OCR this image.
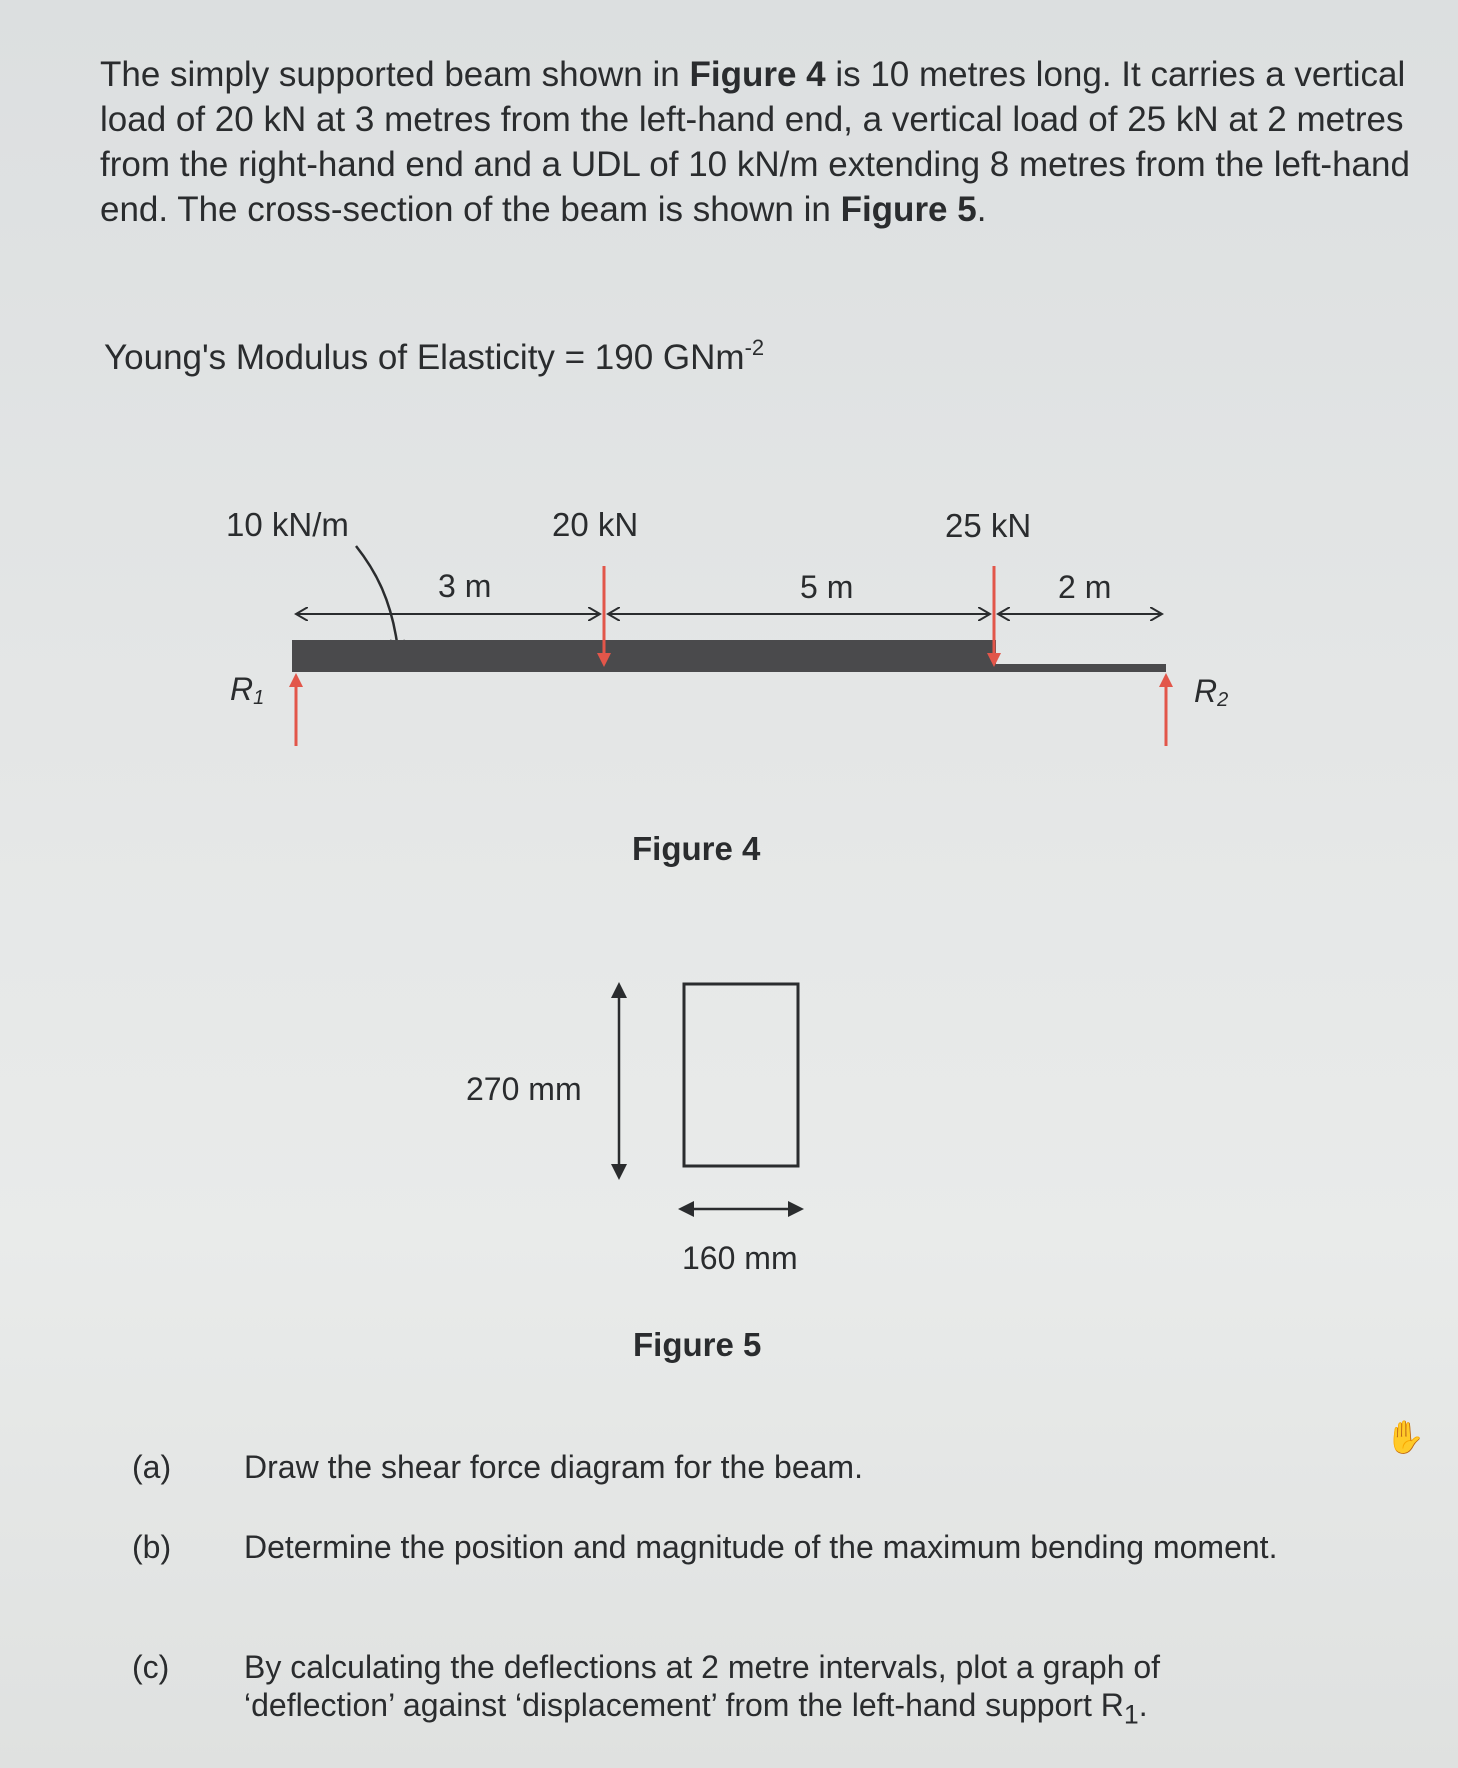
The simply supported beam shown in Figure 4 is 10 metres long. It carries a vertical load of 20 kN at 3 metres from the left-hand end, a vertical load of 25 kN at 2 metres from the right-hand end and a UDL of 10 kN/m extending 8 metres from the left-hand end. The cross-section of the beam is shown in Figure 5.

Young's Modulus of Elasticity = 190 GNm$^{-2}$

10 kN/m	20 kN	25 kN
3 m	5 m	2 m
R1	R2
Figure 4
270 mm
160 mm
Figure 5
(a) Draw the shear force diagram for the beam.
(b) Determine the position and magnitude of the maximum bending moment.
(c) By calculating the deflections at 2 metre intervals, plot a graph of ‘deflection’ against ‘displacement’ from the left-hand support $R_1$.
✋
